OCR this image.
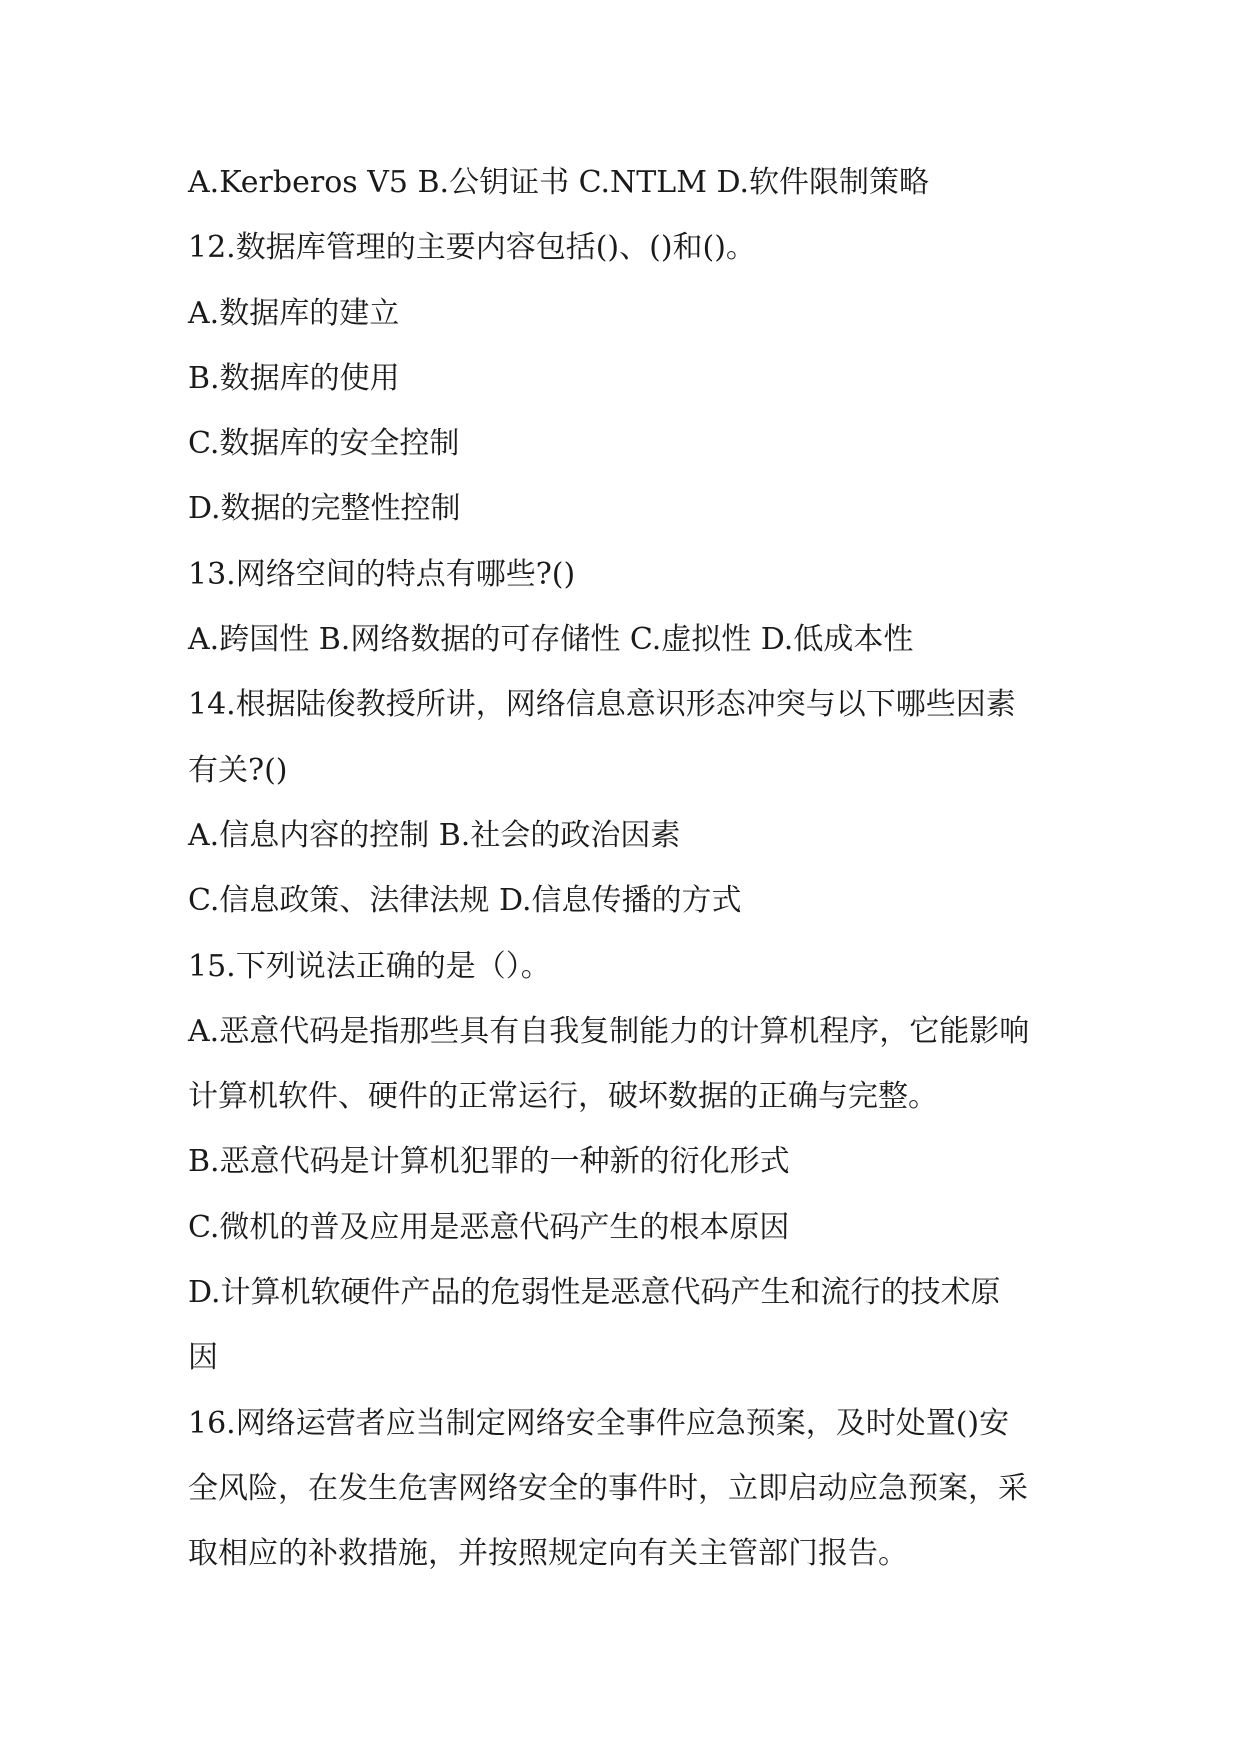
A.Kerberos V5 B.公钥证书 C.NTLM D.软件限制策略
12.数据库管理的主要内容包括()、()和()。
A.数据库的建立
B.数据库的使用
C.数据库的安全控制
D.数据的完整性控制
13.网络空间的特点有哪些?()
A.跨国性 B.网络数据的可存储性 C.虚拟性 D.低成本性
14.根据陆俊教授所讲，网络信息意识形态冲突与以下哪些因素
有关?()
A.信息内容的控制 B.社会的政治因素
C.信息政策、法律法规 D.信息传播的方式
15.下列说法正确的是（）。
A.恶意代码是指那些具有自我复制能力的计算机程序，它能影响
计算机软件、硬件的正常运行，破坏数据的正确与完整。
B.恶意代码是计算机犯罪的一种新的衍化形式
C.微机的普及应用是恶意代码产生的根本原因
D.计算机软硬件产品的危弱性是恶意代码产生和流行的技术原
因
16.网络运营者应当制定网络安全事件应急预案，及时处置()安
全风险，在发生危害网络安全的事件时，立即启动应急预案，采
取相应的补救措施，并按照规定向有关主管部门报告。
